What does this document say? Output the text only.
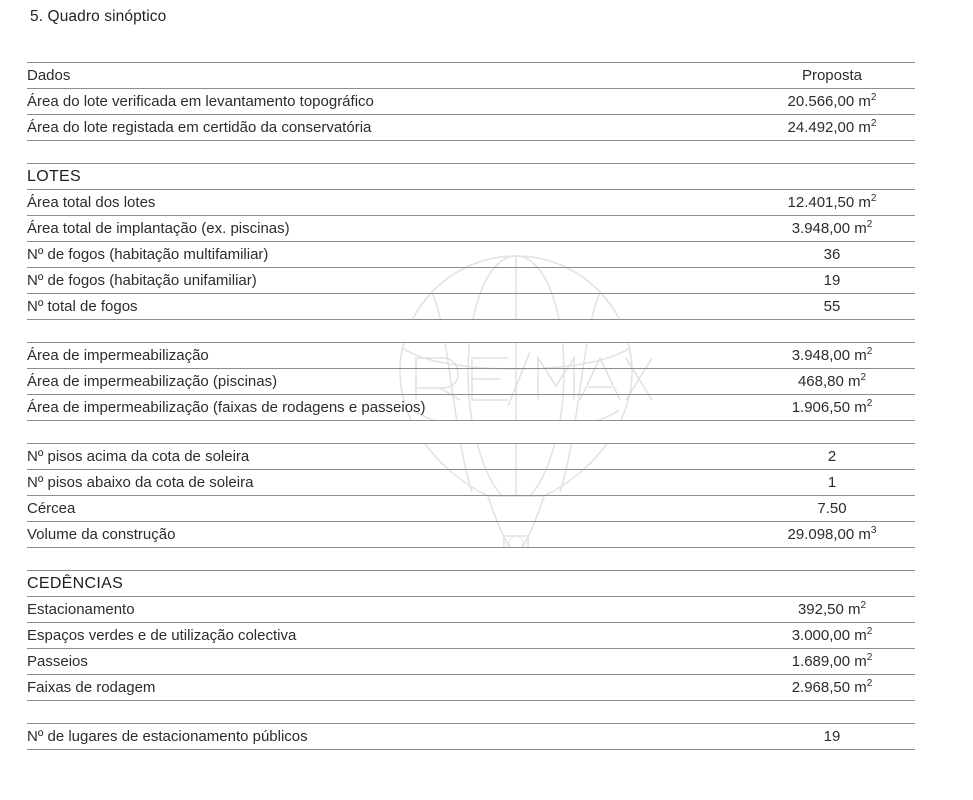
5. Quadro sinóptico
Dados	Proposta
Área do lote verificada em levantamento topográfico	20.566,00 $m^2$
Área do lote registada em certidão da conservatória	24.492,00 $m^2$

LOTES	
Área total dos lotes	12.401,50 $m^2$
Área total de implantação (ex. piscinas)	3.948,00 $m^2$
Nº de fogos (habitação multifamiliar)	36
Nº de fogos (habitação unifamiliar)	19
Nº total de fogos	55

Área de impermeabilização	3.948,00 $m^2$
Área de impermeabilização (piscinas)	468,80 $m^2$
Área de impermeabilização (faixas de rodagens e passeios)	1.906,50 $m^2$

Nº pisos acima da cota de soleira	2
Nº pisos abaixo da cota de soleira	1
Cércea	7.50
Volume da construção	29.098,00 $m^3$

CEDÊNCIAS	
Estacionamento	392,50 $m^2$
Espaços verdes e de utilização colectiva	3.000,00 $m^2$
Passeios	1.689,00 $m^2$
Faixas de rodagem	2.968,50 $m^2$

Nº de lugares de estacionamento públicos	19
